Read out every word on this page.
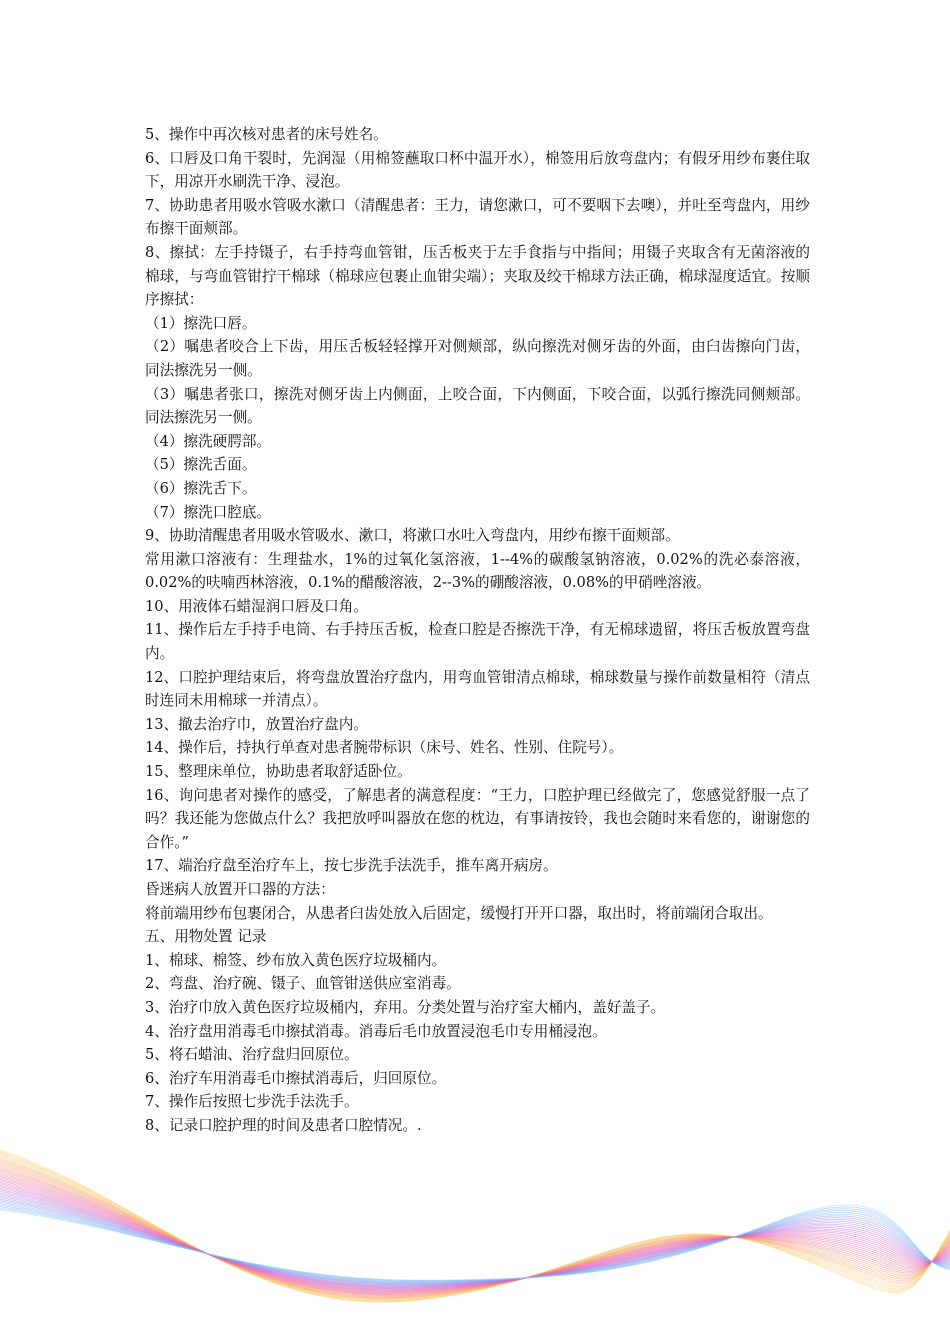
5、操作中再次核对患者的床号姓名。

6、口唇及口角干裂时，先润湿（用棉签蘸取口杯中温开水），棉签用后放弯盘内；有假牙用纱布裹住取下，用凉开水刷洗干净、浸泡。

7、协助患者用吸水管吸水漱口（清醒患者：王力，请您漱口，可不要咽下去噢），并吐至弯盘内，用纱布擦干面颊部。

8、擦拭：左手持镊子，右手持弯血管钳，压舌板夹于左手食指与中指间；用镊子夹取含有无菌溶液的棉球，与弯血管钳拧干棉球（棉球应包裹止血钳尖端）；夹取及绞干棉球方法正确，棉球湿度适宜。按顺序擦拭：

（1）擦洗口唇。

（2）嘱患者咬合上下齿，用压舌板轻轻撑开对侧颊部，纵向擦洗对侧牙齿的外面，由臼齿擦向门齿，同法擦洗另一侧。

（3）嘱患者张口，擦洗对侧牙齿上内侧面，上咬合面，下内侧面，下咬合面，以弧行擦洗同侧颊部。同法擦洗另一侧。

（4）擦洗硬腭部。

（5）擦洗舌面。

（6）擦洗舌下。

（7）擦洗口腔底。

9、协助清醒患者用吸水管吸水、漱口，将漱口水吐入弯盘内，用纱布擦干面颊部。

常用漱口溶液有：生理盐水，1%的过氧化氢溶液，1--4%的碳酸氢钠溶液，0.02%的洗必泰溶液， 0.02%的呋喃西林溶液，0.1%的醋酸溶液，2--3%的硼酸溶液，0.08%的甲硝唑溶液。

10、用液体石蜡湿润口唇及口角。

11、操作后左手持手电筒、右手持压舌板，检查口腔是否擦洗干净，有无棉球遗留，将压舌板放置弯盘内。

12、口腔护理结束后，将弯盘放置治疗盘内，用弯血管钳清点棉球，棉球数量与操作前数量相符（清点时连同未用棉球一并清点）。

13、撤去治疗巾，放置治疗盘内。

14、操作后，持执行单查对患者腕带标识（床号、姓名、性别、住院号）。

15、整理床单位，协助患者取舒适卧位。

16、询问患者对操作的感受，了解患者的满意程度：“王力，口腔护理已经做完了，您感觉舒服一点了吗？我还能为您做点什么？我把放呼叫器放在您的枕边，有事请按铃，我也会随时来看您的，谢谢您的合作。”

17、端治疗盘至治疗车上，按七步洗手法洗手，推车离开病房。

昏迷病人放置开口器的方法：

将前端用纱布包裹闭合，从患者臼齿处放入后固定，缓慢打开开口器，取出时，将前端闭合取出。

五、用物处置 记录

1、棉球、棉签、纱布放入黄色医疗垃圾桶内。

2、弯盘、治疗碗、镊子、血管钳送供应室消毒。

3、治疗巾放入黄色医疗垃圾桶内，弃用。分类处置与治疗室大桶内，盖好盖子。

4、治疗盘用消毒毛巾擦拭消毒。消毒后毛巾放置浸泡毛巾专用桶浸泡。

5、将石蜡油、治疗盘归回原位。

6、治疗车用消毒毛巾擦拭消毒后，归回原位。

7、操作后按照七步洗手法洗手。

8、记录口腔护理的时间及患者口腔情况。.
